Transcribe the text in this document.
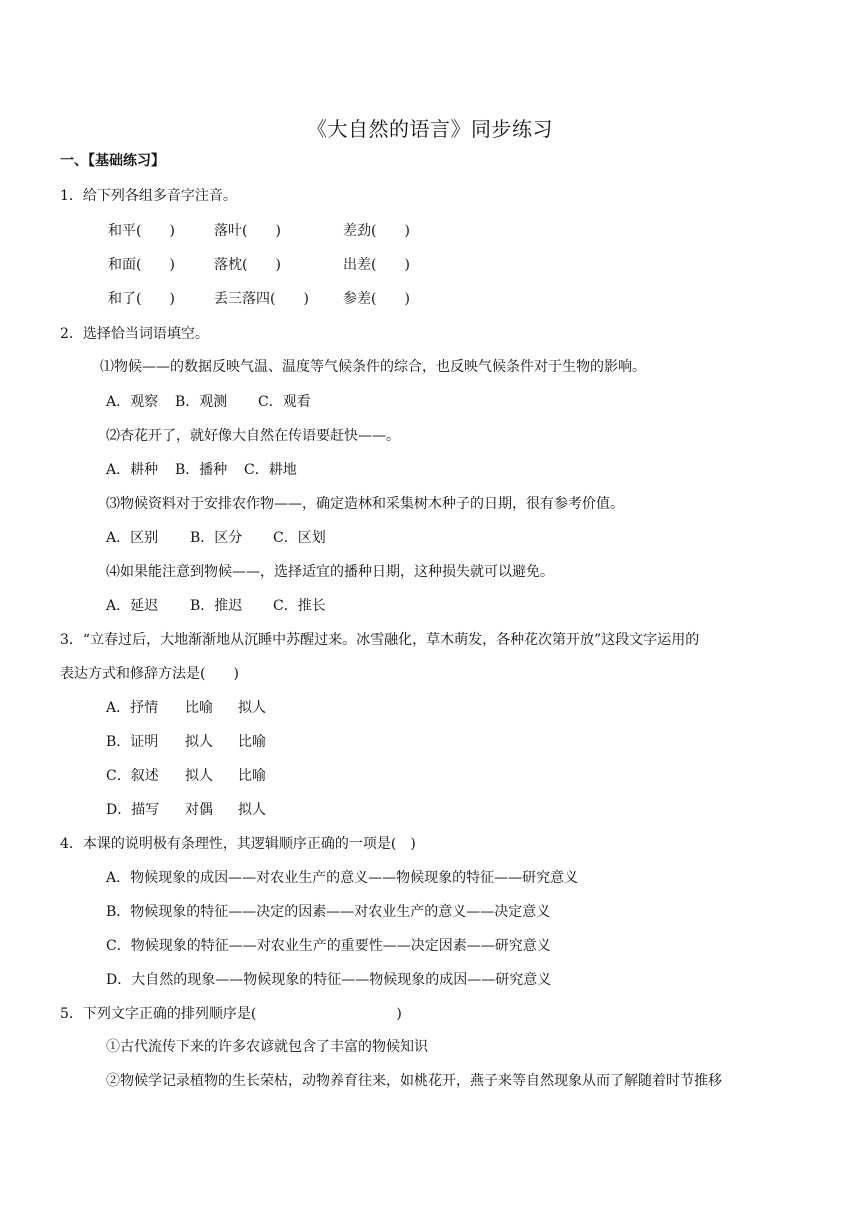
《大自然的语言》同步练习
一、【基础练习】
1．给下列各组多音字注音。
和平(　　)	落叶(　　)	差劲(　　)
和面(　　)	落枕(　　)	出差(　　)
和了(　　)	丢三落四(　　) 参差(　　)
2．选择恰当词语填空。
⑴物候——的数据反映气温、温度等气候条件的综合，也反映气候条件对于生物的影响。
A．观察 B．观测 C．观看
⑵杏花开了，就好像大自然在传语要赶快——。
A．耕种 B．播种 C．耕地
⑶物候资料对于安排农作物——，确定造林和采集树木种子的日期，很有参考价值。
A．区别 B．区分 C．区划
⑷如果能注意到物候——，选择适宜的播种日期，这种损失就可以避免。
A．延迟 B．推迟 C．推长
3．“立春过后，大地渐渐地从沉睡中苏醒过来。冰雪融化，草木萌发，各种花次第开放”这段文字运用的
表达方式和修辞方法是(　　)
A．抒情 比喻 拟人
B．证明 拟人 比喻
C．叙述 拟人 比喻
D．描写 对偶 拟人
4．本课的说明极有条理性，其逻辑顺序正确的一项是(　)
A．物候现象的成因——对农业生产的意义——物候现象的特征——研究意义
B．物候现象的特征——决定的因素——对农业生产的意义——决定意义
C．物候现象的特征——对农业生产的重要性——决定因素——研究意义
D．大自然的现象——物候现象的特征——物候现象的成因——研究意义
5．下列文字正确的排列顺序是(　　　　　　　　　　)
①古代流传下来的许多农谚就包含了丰富的物候知识
②物候学记录植物的生长荣枯，动物养育往来，如桃花开，燕子来等自然现象从而了解随着时节推移
